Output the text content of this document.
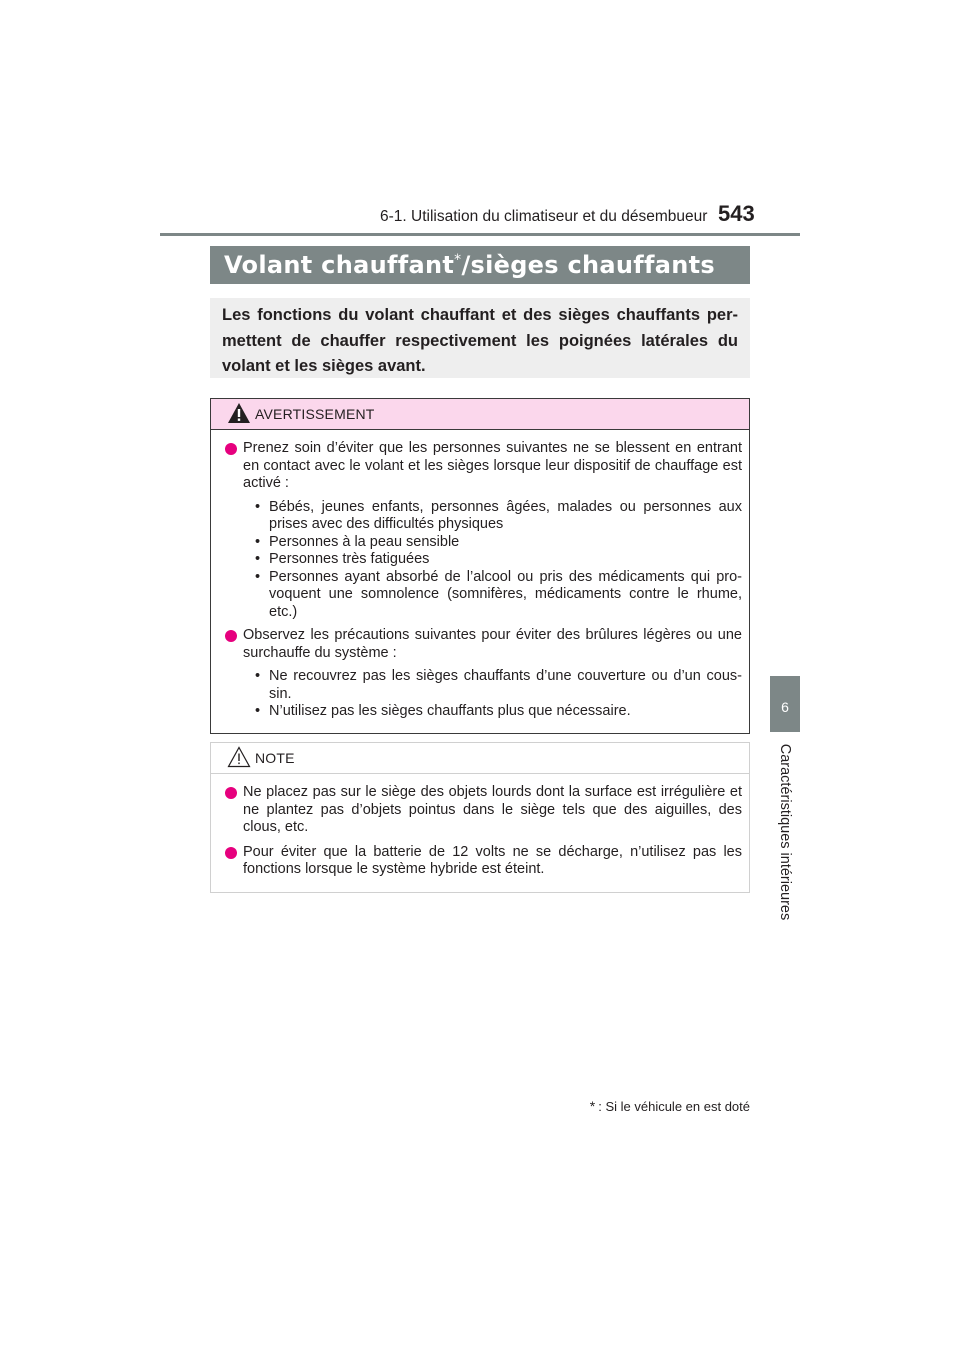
6-1. Utilisation du climatiseur et du désembueur 543
6
Caractéristiques intérieures
Volant chauffant*/sièges chauffants

Les fonctions du volant chauffant et des sièges chauffants per-mettent de chauffer respectivement les poignées latérales du volant et les sièges avant.

AVERTISSEMENT

Prenez soin d’éviter que les personnes suivantes ne se blessent en entrant en contact avec le volant et les sièges lorsque leur dispositif de chauffage est activé :

• Bébés, jeunes enfants, personnes âgées, malades ou personnes aux prises avec des difficultés physiques
• Personnes à la peau sensible
• Personnes très fatiguées
• Personnes ayant absorbé de l’alcool ou pris des médicaments qui pro-voquent une somnolence (somnifères, médicaments contre le rhume, etc.)

Observez les précautions suivantes pour éviter des brûlures légères ou une surchauffe du système :

• Ne recouvrez pas les sièges chauffants d’une couverture ou d’un cous-sin.
• N’utilisez pas les sièges chauffants plus que nécessaire.
NOTE

Ne placez pas sur le siège des objets lourds dont la surface est irrégulière et ne plantez pas d’objets pointus dans le siège tels que des aiguilles, des clous, etc.

Pour éviter que la batterie de 12 volts ne se décharge, n’utilisez pas les fonctions lorsque le système hybride est éteint.

* : Si le véhicule en est doté
